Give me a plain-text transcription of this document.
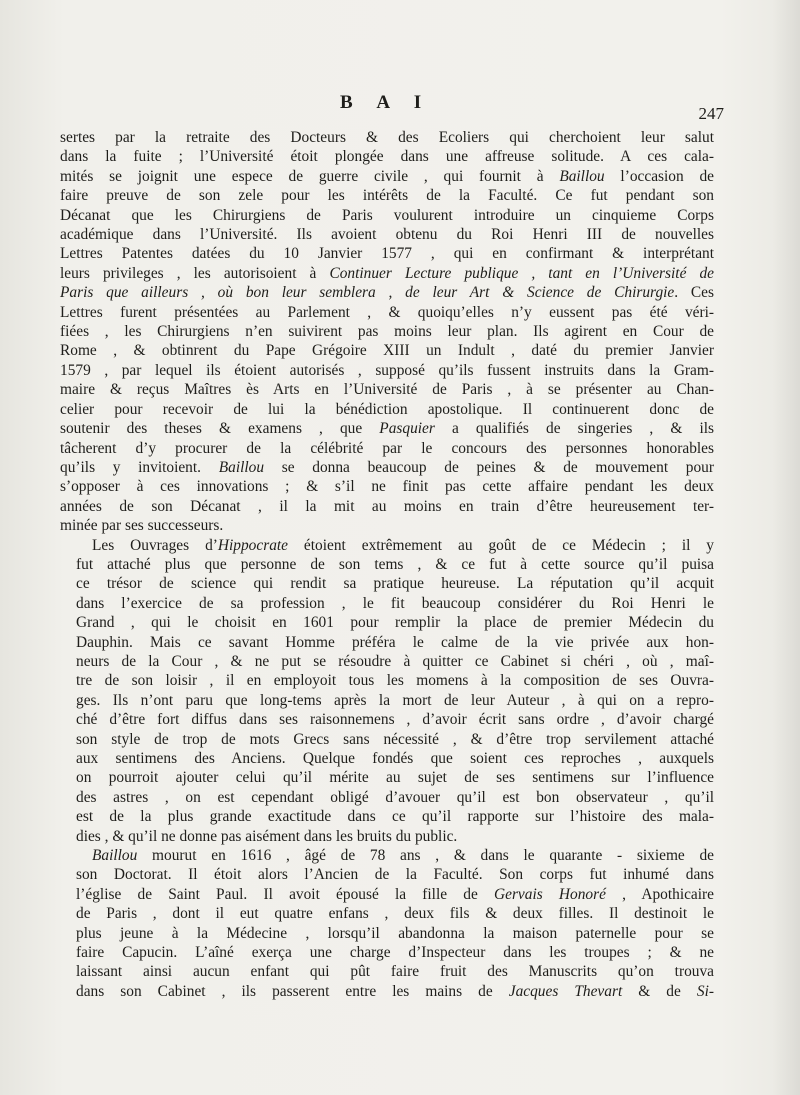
B A I
247

sertes par la retraite des Docteurs & des Ecoliers qui cherchoient leur salut
dans la fuite ; l’Université étoit plongée dans une affreuse solitude. A ces cala-
mités se joignit une espece de guerre civile , qui fournit à Baillou l’occasion de
faire preuve de son zele pour les intérêts de la Faculté. Ce fut pendant son
Décanat que les Chirurgiens de Paris voulurent introduire un cinquieme Corps
académique dans l’Université. Ils avoient obtenu du Roi Henri III de nouvelles
Lettres Patentes datées du 10 Janvier 1577 , qui en confirmant & interprétant
leurs privileges , les autorisoient à Continuer Lecture publique , tant en l’Université de
Paris que ailleurs , où bon leur semblera , de leur Art & Science de Chirurgie. Ces
Lettres furent présentées au Parlement , & quoiqu’elles n’y eussent pas été véri-
fiées , les Chirurgiens n’en suivirent pas moins leur plan. Ils agirent en Cour de
Rome , & obtinrent du Pape Grégoire XIII un Indult , daté du premier Janvier
1579 , par lequel ils étoient autorisés , supposé qu’ils fussent instruits dans la Gram-
maire & reçus Maîtres ès Arts en l’Université de Paris , à se présenter au Chan-
celier pour recevoir de lui la bénédiction apostolique. Il continuerent donc de
soutenir des theses & examens , que Pasquier a qualifiés de singeries , & ils
tâcherent d’y procurer de la célébrité par le concours des personnes honorables
qu’ils y invitoient. Baillou se donna beaucoup de peines & de mouvement pour
s’opposer à ces innovations ; & s’il ne finit pas cette affaire pendant les deux
années de son Décanat , il la mit au moins en train d’être heureusement ter-
minée par ses successeurs.

Les Ouvrages d’Hippocrate étoient extrêmement au goût de ce Médecin ; il y
fut attaché plus que personne de son tems , & ce fut à cette source qu’il puisa
ce trésor de science qui rendit sa pratique heureuse. La réputation qu’il acquit
dans l’exercice de sa profession , le fit beaucoup considérer du Roi Henri le
Grand , qui le choisit en 1601 pour remplir la place de premier Médecin du
Dauphin. Mais ce savant Homme préféra le calme de la vie privée aux hon-
neurs de la Cour , & ne put se résoudre à quitter ce Cabinet si chéri , où , maî-
tre de son loisir , il en employoit tous les momens à la composition de ses Ouvra-
ges. Ils n’ont paru que long-tems après la mort de leur Auteur , à qui on a repro-
ché d’être fort diffus dans ses raisonnemens , d’avoir écrit sans ordre , d’avoir chargé
son style de trop de mots Grecs sans nécessité , & d’être trop servilement attaché
aux sentimens des Anciens. Quelque fondés que soient ces reproches , auxquels
on pourroit ajouter celui qu’il mérite au sujet de ses sentimens sur l’influence
des astres , on est cependant obligé d’avouer qu’il est bon observateur , qu’il
est de la plus grande exactitude dans ce qu’il rapporte sur l’histoire des mala-
dies , & qu’il ne donne pas aisément dans les bruits du public.

Baillou mourut en 1616 , âgé de 78 ans , & dans le quarante - sixieme de
son Doctorat. Il étoit alors l’Ancien de la Faculté. Son corps fut inhumé dans
l’église de Saint Paul. Il avoit épousé la fille de Gervais Honoré , Apothicaire
de Paris , dont il eut quatre enfans , deux fils & deux filles. Il destinoit le
plus jeune à la Médecine , lorsqu’il abandonna la maison paternelle pour se
faire Capucin. L’aîné exerça une charge d’Inspecteur dans les troupes ; & ne
laissant ainsi aucun enfant qui pût faire fruit des Manuscrits qu’on trouva
dans son Cabinet , ils passerent entre les mains de Jacques Thevart & de Si-
